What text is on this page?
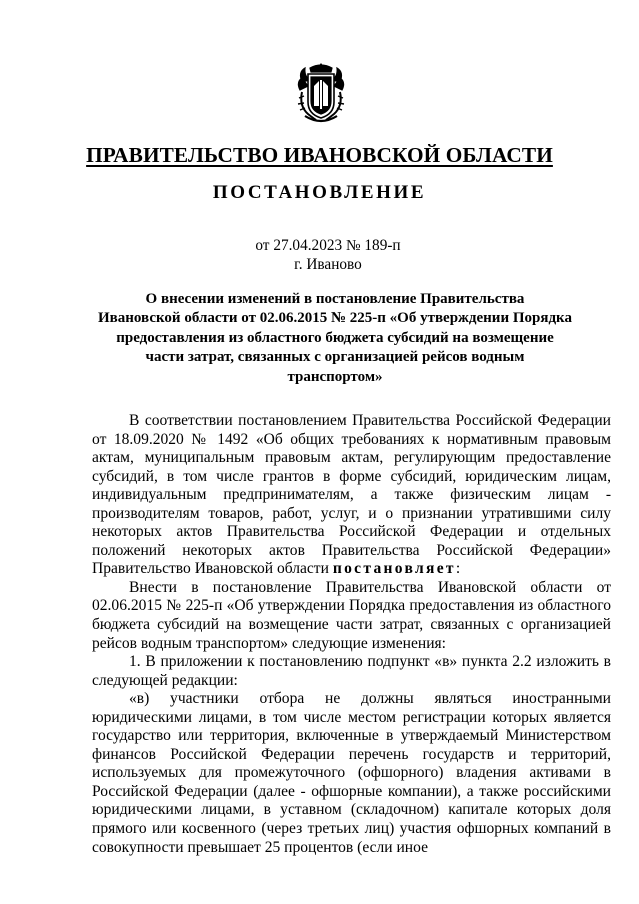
ПРАВИТЕЛЬСТВО ИВАНОВСКОЙ ОБЛАСТИ
ПОСТАНОВЛЕНИЕ
от 27.04.2023 № 189-п
г. Иваново
О внесении изменений в постановление Правительства
Ивановской области от 02.06.2015 № 225-п «Об утверждении Порядка
предоставления из областного бюджета субсидий на возмещение
части затрат, связанных с организацией рейсов водным
транспортом»

В соответствии постановлением Правительства Российской Федерации от 18.09.2020 № 1492 «Об общих требованиях к нормативным правовым актам, муниципальным правовым актам, регулирующим предоставление субсидий, в том числе грантов в форме субсидий, юридическим лицам, индивидуальным предпринимателям, а также физическим лицам - производителям товаров, работ, услуг, и о признании утратившими силу некоторых актов Правительства Российской Федерации и отдельных положений некоторых актов Правительства Российской Федерации» Правительство Ивановской области постановляет:

Внести в постановление Правительства Ивановской области от 02.06.2015 № 225-п «Об утверждении Порядка предоставления из областного бюджета субсидий на возмещение части затрат, связанных с организацией рейсов водным транспортом» следующие изменения:

1. В приложении к постановлению подпункт «в» пункта 2.2 изложить в следующей редакции:

«в) участники отбора не должны являться иностранными юридическими лицами, в том числе местом регистрации которых является государство или территория, включенные в утверждаемый Министерством финансов Российской Федерации перечень государств и территорий, используемых для промежуточного (офшорного) владения активами в Российской Федерации (далее - офшорные компании), а также российскими юридическими лицами, в уставном (складочном) капитале которых доля прямого или косвенного (через третьих лиц) участия офшорных компаний в совокупности превышает 25 процентов (если иное
